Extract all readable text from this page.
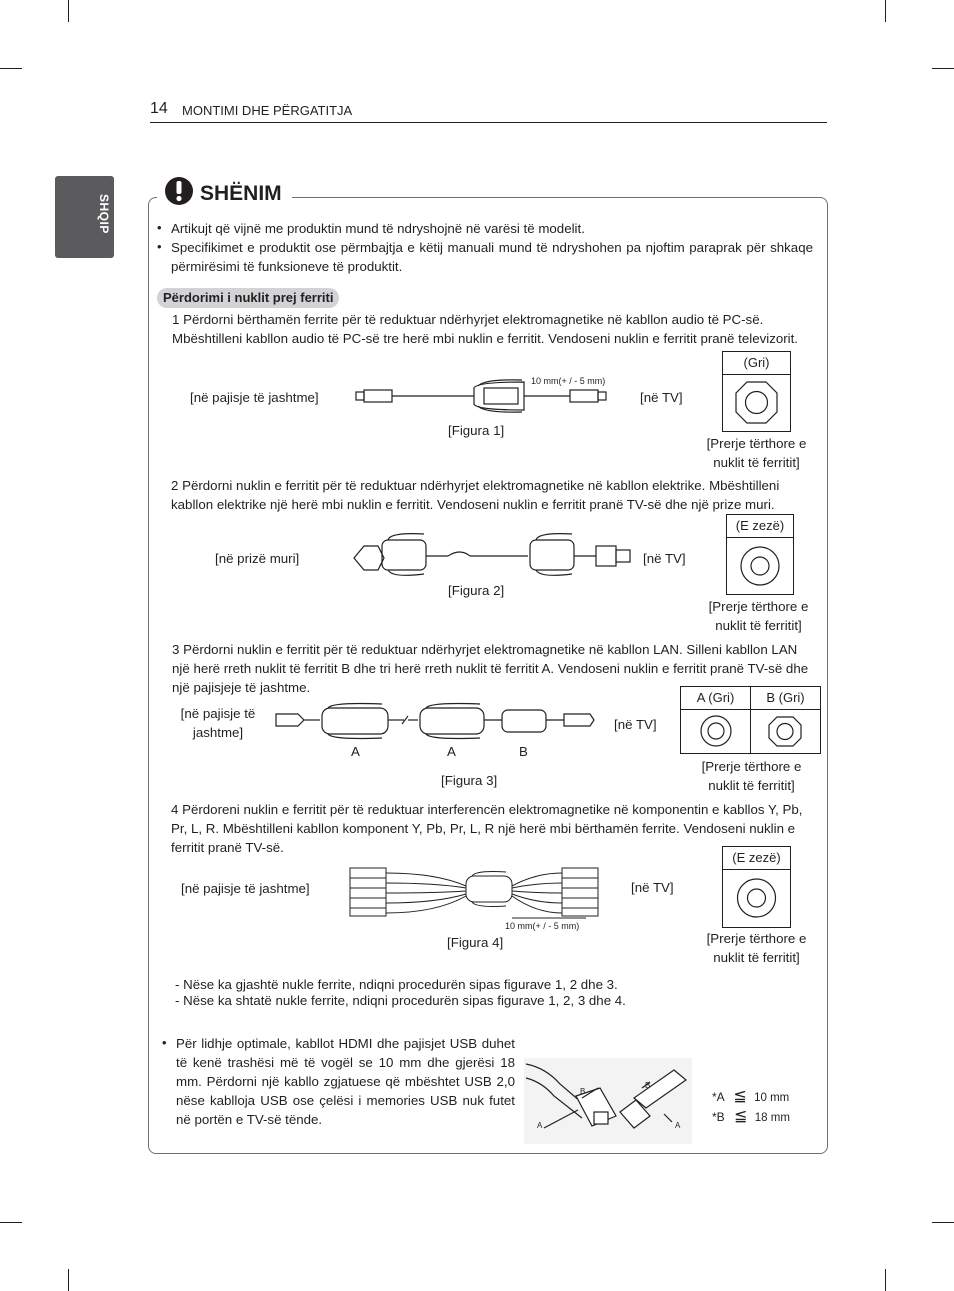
14 MONTIMI DHE PËRGATITJA
SHQIP
SHËNIM
• Artikujt që vijnë me produktin mund të ndryshojnë në varësi të modelit.
• Specifikimet e produktit ose përmbajtja e këtij manuali mund të ndryshohen pa njoftim paraprak për shkaqe përmirësimi të funksioneve të produktit.
Përdorimi i nuklit prej ferriti
1 Përdorni bërthamën ferrite për të reduktuar ndërhyrjet elektromagnetike në kabllon audio të PC-së. Mbështilleni kabllon audio të PC-së tre herë mbi nuklin e ferritit. Vendoseni nuklin e ferritit pranë televizorit.
[në pajisje të jashtme]	[në TV]
[Figura 1]
10 mm(+ / - 5 mm)
(Gri)
[Prerje tërthore e nuklit të ferritit]
2 Përdorni nuklin e ferritit për të reduktuar ndërhyrjet elektromagnetike në kabllon elektrike. Mbështilleni kabllon elektrike një herë mbi nuklin e ferritit. Vendoseni nuklin e ferritit pranë TV-së dhe një prize muri.
[në prizë muri]	[në TV]
[Figura 2]
(E zezë)
[Prerje tërthore e nuklit të ferritit]
3 Përdorni nuklin e ferritit për të reduktuar ndërhyrjet elektromagnetike në kabllon LAN. Silleni kabllon LAN një herë rreth nuklit të ferritit B dhe tri herë rreth nuklit të ferritit A. Vendoseni nuklin e ferritit pranë TV-së dhe një pajisjeje të jashtme.
[në pajisje të jashtme]
[në TV]
[Figura 3]
A	A	B
A (Gri)	B (Gri)
[Prerje tërthore e nuklit të ferritit]
4 Përdoreni nuklin e ferritit për të reduktuar interferencën elektromagnetike në komponentin e kabllos Y, Pb, Pr, L, R. Mbështilleni kabllon komponent Y, Pb, Pr, L, R një herë mbi bërthamën ferrite. Vendoseni nuklin e ferritit pranë TV-së.
[në pajisje të jashtme]	[në TV]
[Figura 4]
10 mm(+ / - 5 mm)
(E zezë)
[Prerje tërthore e nuklit të ferritit]
- Nëse ka gjashtë nukle ferrite, ndiqni procedurën sipas figurave 1, 2 dhe 3.
- Nëse ka shtatë nukle ferrite, ndiqni procedurën sipas figurave 1, 2, 3 dhe 4.
• Për lidhje optimale, kabllot HDMI dhe pajisjet USB duhet të kenë trashësi më të vogël se 10 mm dhe gjerësi 18 mm. Përdorni një kabllo zgjatuese që mbështet USB 2,0 nëse kabllоja USB ose çelësi i memories USB nuk futet në portën e TV-së tënde.	A
B
B
A
*A ≦ 10 mm
*B ≦ 18 mm
